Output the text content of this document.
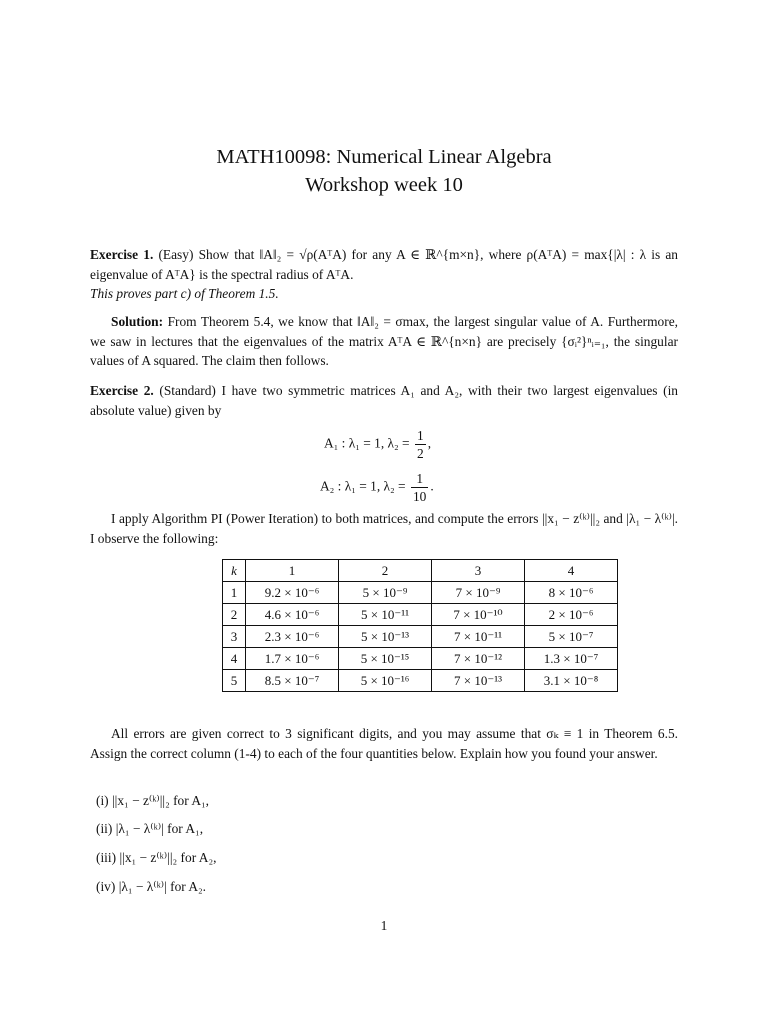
MATH10098: Numerical Linear Algebra
Workshop week 10
Exercise 1. (Easy) Show that ‖A‖₂ = √ρ(AᵀA) for any A ∈ ℝ^{m×n}, where ρ(AᵀA) = max{|λ| : λ is an eigenvalue of AᵀA} is the spectral radius of AᵀA.
This proves part c) of Theorem 1.5.
Solution: From Theorem 5.4, we know that ‖A‖₂ = σmax, the largest singular value of A. Furthermore, we saw in lectures that the eigenvalues of the matrix AᵀA ∈ ℝ^{n×n} are precisely {σᵢ²}ⁿᵢ₌₁, the singular values of A squared. The claim then follows.
Exercise 2. (Standard) I have two symmetric matrices A₁ and A₂, with their two largest eigenvalues (in absolute value) given by
A₁ : λ₁ = 1, $\lambda_2 = \frac{1}{2}$ ,
A₂ : λ₁ = 1, $\lambda_2 = \frac{1}{10}$ .
I apply Algorithm PI (Power Iteration) to both matrices, and compute the errors ||x₁ − z⁽ᵏ⁾||₂ and |λ₁ − λ⁽ᵏ⁾|. I observe the following:
k	1	2	3	4
1	9.2 × 10⁻⁶	5 × 10⁻⁹	7 × 10⁻⁹	8 × 10⁻⁶
2	4.6 × 10⁻⁶	5 × 10⁻¹¹	7 × 10⁻¹⁰	2 × 10⁻⁶
3	2.3 × 10⁻⁶	5 × 10⁻¹³	7 × 10⁻¹¹	5 × 10⁻⁷
4	1.7 × 10⁻⁶	5 × 10⁻¹⁵	7 × 10⁻¹²	1.3 × 10⁻⁷
5	8.5 × 10⁻⁷	5 × 10⁻¹⁶	7 × 10⁻¹³	3.1 × 10⁻⁸
All errors are given correct to 3 significant digits, and you may assume that σₖ ≡ 1 in Theorem 6.5. Assign the correct column (1-4) to each of the four quantities below. Explain how you found your answer.
(i) ||x₁ − z⁽ᵏ⁾||₂ for A₁,
(ii) |λ₁ − λ⁽ᵏ⁾| for A₁,
(iii) ||x₁ − z⁽ᵏ⁾||₂ for A₂,
(iv) |λ₁ − λ⁽ᵏ⁾| for A₂.
1
